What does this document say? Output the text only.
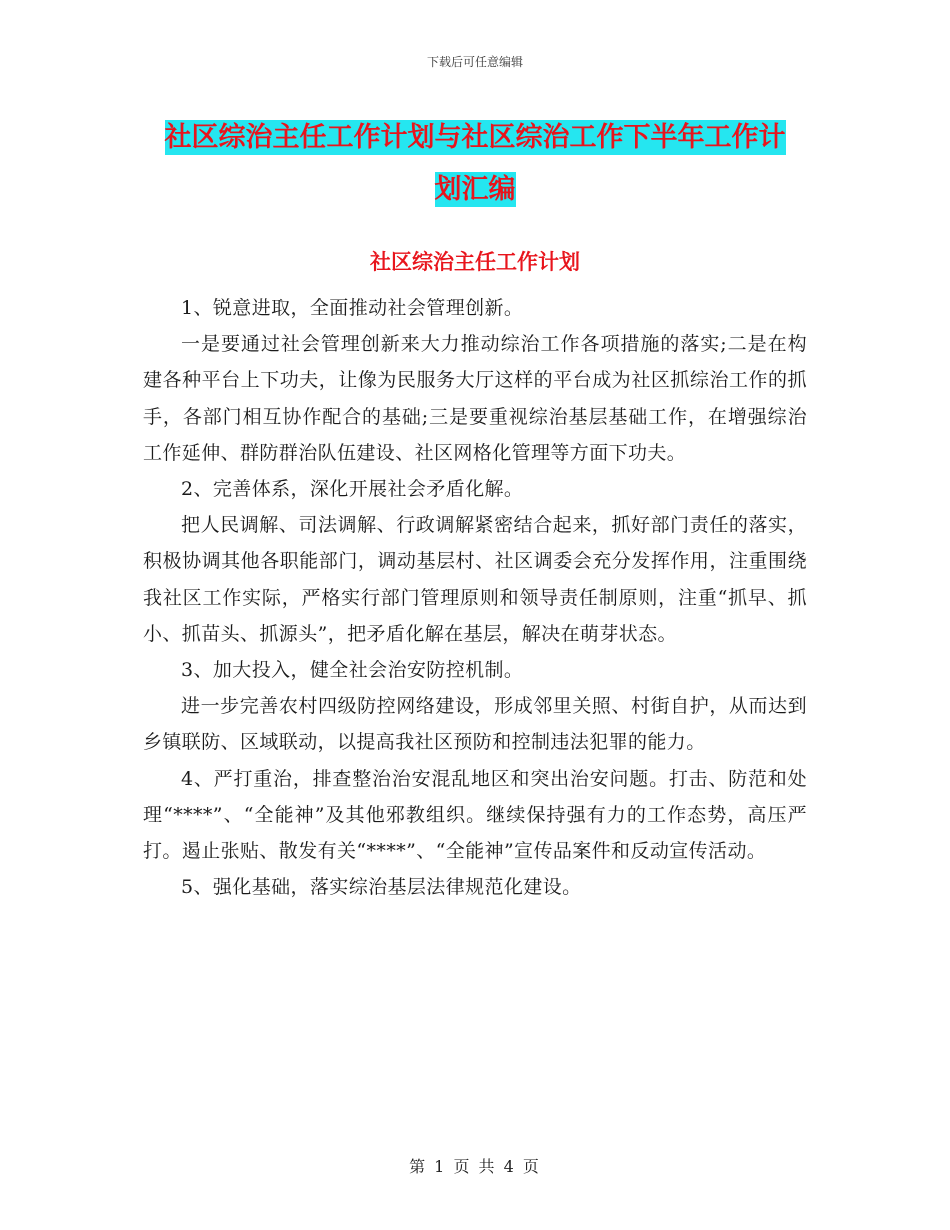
下载后可任意编辑
社区综治主任工作计划与社区综治工作下半年工作计
划汇编
社区综治主任工作计划

1、锐意进取，全面推动社会管理创新。

一是要通过社会管理创新来大力推动综治工作各项措施的落实;二是在构建各种平台上下功夫，让像为民服务大厅这样的平台成为社区抓综治工作的抓手，各部门相互协作配合的基础;三是要重视综治基层基础工作，在增强综治工作延伸、群防群治队伍建设、社区网格化管理等方面下功夫。

2、完善体系，深化开展社会矛盾化解。

把人民调解、司法调解、行政调解紧密结合起来，抓好部门责任的落实，积极协调其他各职能部门，调动基层村、社区调委会充分发挥作用，注重围绕我社区工作实际，严格实行部门管理原则和领导责任制原则，注重“抓早、抓小、抓苗头、抓源头”，把矛盾化解在基层，解决在萌芽状态。

3、加大投入，健全社会治安防控机制。

进一步完善农村四级防控网络建设，形成邻里关照、村街自护，从而达到乡镇联防、区域联动，以提高我社区预防和控制违法犯罪的能力。

4、严打重治，排查整治治安混乱地区和突出治安问题。打击、防范和处理“****”、“全能神”及其他邪教组织。继续保持强有力的工作态势，高压严打。遏止张贴、散发有关“****”、“全能神”宣传品案件和反动宣传活动。

5、强化基础，落实综治基层法律规范化建设。

第 1 页 共 4 页
